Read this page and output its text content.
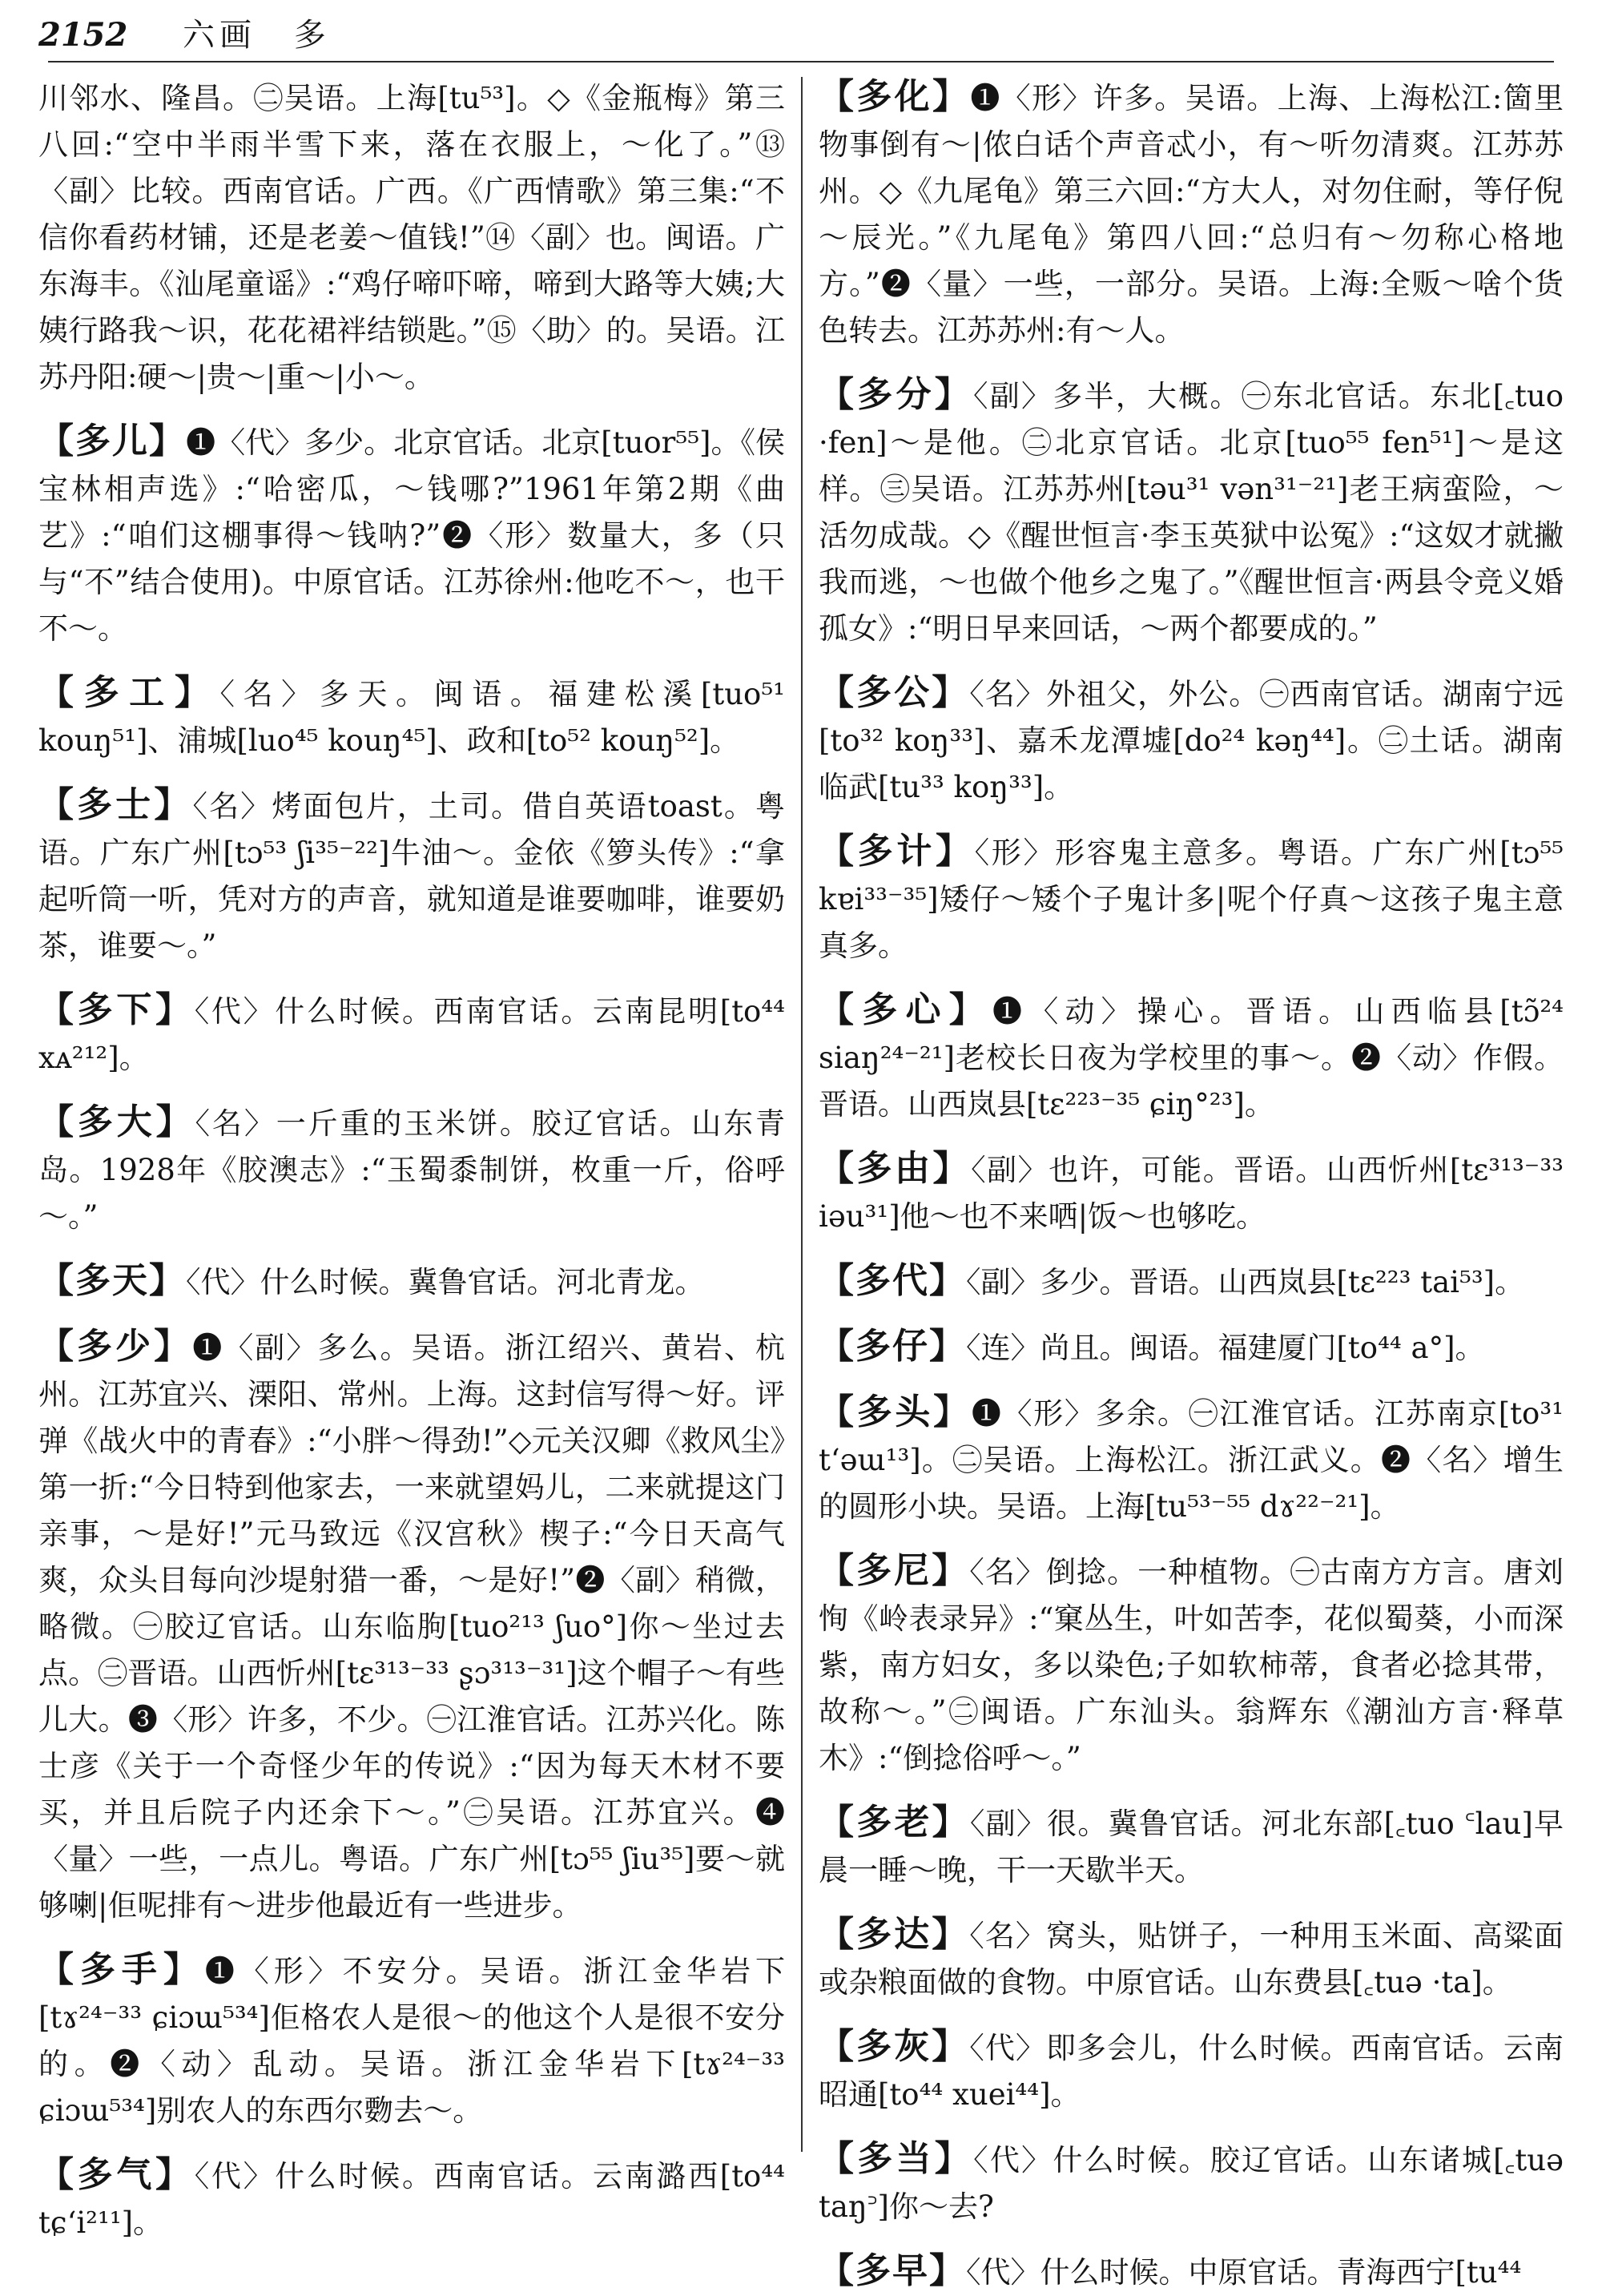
2152 六画 多

川邻水、隆昌。㊁吴语。上海[tu⁵³]。◇《金瓶梅》第三八回:“空中半雨半雪下来，落在衣服上，～化了。”⑬〈副〉比较。西南官话。广西。《广西情歌》第三集:“不信你看药材铺，还是老姜～值钱!”⑭〈副〉也。闽语。广东海丰。《汕尾童谣》:“鸡仔啼吓啼，啼到大路等大姨;大姨行路我～识，花花裙袢结锁匙。”⑮〈助〉的。吴语。江苏丹阳:硬～|贵～|重～|小～。

【多儿】❶〈代〉多少。北京官话。北京[tuor⁵⁵]。《侯宝林相声选》:“哈密瓜，～钱哪?”1961年第2期《曲艺》:“咱们这棚事得～钱呐?”❷〈形〉数量大，多（只与“不”结合使用)。中原官话。江苏徐州:他吃不～，也干不～。

【多工】〈名〉多天。闽语。福建松溪[tuo⁵¹ kouŋ⁵¹]、浦城[luo⁴⁵ kouŋ⁴⁵]、政和[to⁵² kouŋ⁵²]。

【多士】〈名〉烤面包片，土司。借自英语toast。粤语。广东广州[tɔ⁵³ ʃi³⁵⁻²²]牛油～。金依《箩头传》:“拿起听筒一听，凭对方的声音，就知道是谁要咖啡，谁要奶茶，谁要～。”

【多下】〈代〉什么时候。西南官话。云南昆明[to⁴⁴ xᴀ²¹²]。

【多大】〈名〉一斤重的玉米饼。胶辽官话。山东青岛。1928年《胶澳志》:“玉蜀黍制饼，枚重一斤，俗呼～。”

【多天】〈代〉什么时候。冀鲁官话。河北青龙。

【多少】❶〈副〉多么。吴语。浙江绍兴、黄岩、杭州。江苏宜兴、溧阳、常州。上海。这封信写得～好。评弹《战火中的青春》:“小胖～得劲!”◇元关汉卿《救风尘》第一折:“今日特到他家去，一来就望妈儿，二来就提这门亲事，～是好!”元马致远《汉宫秋》楔子:“今日天高气爽，众头目每向沙堤射猎一番，～是好!”❷〈副〉稍微，略微。㊀胶辽官话。山东临朐[tuo²¹³ ʃuo°]你～坐过去点。㊁晋语。山西忻州[tɛ³¹³⁻³³ ʂɔ³¹³⁻³¹]这个帽子～有些儿大。❸〈形〉许多，不少。㊀江淮官话。江苏兴化。陈士彦《关于一个奇怪少年的传说》:“因为每天木材不要买，并且后院子内还余下～。”㊁吴语。江苏宜兴。❹〈量〉一些，一点儿。粤语。广东广州[tɔ⁵⁵ ʃiu³⁵]要～就够喇|佢呢排有～进步他最近有一些进步。

【多手】❶〈形〉不安分。吴语。浙江金华岩下[tɤ²⁴⁻³³ ɕiɔɯ⁵³⁴]佢格农人是很～的他这个人是很不安分的。❷〈动〉乱动。吴语。浙江金华岩下[tɤ²⁴⁻³³ ɕiɔɯ⁵³⁴]别农人的东西尔覅去～。

【多气】〈代〉什么时候。西南官话。云南潞西[to⁴⁴ tɕʻi²¹¹]。

【多化】❶〈形〉许多。吴语。上海、上海松江:箇里物事倒有～|侬白话个声音忒小，有～听勿清爽。江苏苏州。◇《九尾龟》第三六回:“方大人，对勿住耐，等仔倪～辰光。”《九尾龟》第四八回:“总归有～勿称心格地方。”❷〈量〉一些，一部分。吴语。上海:全贩～啥个货色转去。江苏苏州:有～人。

【多分】〈副〉多半，大概。㊀东北官话。东北[꜀tuo ·fen]～是他。㊁北京官话。北京[tuo⁵⁵ fen⁵¹]～是这样。㊂吴语。江苏苏州[təu³¹ vən³¹⁻²¹]老王病蛮险，～活勿成哉。◇《醒世恒言·李玉英狱中讼冤》:“这奴才就撇我而逃，～也做个他乡之鬼了。”《醒世恒言·两县令竞义婚孤女》:“明日早来回话，～两个都要成的。”

【多公】〈名〉外祖父，外公。㊀西南官话。湖南宁远[to³² koŋ³³]、嘉禾龙潭墟[do²⁴ kəŋ⁴⁴]。㊁土话。湖南临武[tu³³ koŋ³³]。

【多计】〈形〉形容鬼主意多。粤语。广东广州[tɔ⁵⁵ kɐi³³⁻³⁵]矮仔～矮个子鬼计多|呢个仔真～这孩子鬼主意真多。

【多心】❶〈动〉操心。晋语。山西临县[tɔ̃²⁴ siaŋ²⁴⁻²¹]老校长日夜为学校里的事～。❷〈动〉作假。晋语。山西岚县[tɛ²²³⁻³⁵ ɕiŋ°²³]。

【多由】〈副〉也许，可能。晋语。山西忻州[tɛ³¹³⁻³³ iəu³¹]他～也不来哂|饭～也够吃。

【多代】〈副〉多少。晋语。山西岚县[tɛ²²³ tai⁵³]。

【多仔】〈连〉尚且。闽语。福建厦门[to⁴⁴ a°]。

【多头】❶〈形〉多余。㊀江淮官话。江苏南京[to³¹ tʻəɯ¹³]。㊁吴语。上海松江。浙江武义。❷〈名〉增生的圆形小块。吴语。上海[tu⁵³⁻⁵⁵ dɤ²²⁻²¹]。

【多尼】〈名〉倒捻。一种植物。㊀古南方方言。唐刘恂《岭表录异》:“窠丛生，叶如苦李，花似蜀葵，小而深紫，南方妇女，多以染色;子如软柿蒂，食者必捻其带，故称～。”㊁闽语。广东汕头。翁辉东《潮汕方言·释草木》:“倒捻俗呼～。”

【多老】〈副〉很。冀鲁官话。河北东部[꜀tuo ꜂lau]早晨一睡～晚，干一天歇半天。

【多达】〈名〉窝头，贴饼子，一种用玉米面、高粱面或杂粮面做的食物。中原官话。山东费县[꜀tuə ·ta]。

【多灰】〈代〉即多会儿，什么时候。西南官话。云南昭通[to⁴⁴ xuei⁴⁴]。

【多当】〈代〉什么时候。胶辽官话。山东诸城[꜀tuə taŋ꜄]你～去?

【多早】〈代〉什么时候。中原官话。青海西宁[tu⁴⁴
